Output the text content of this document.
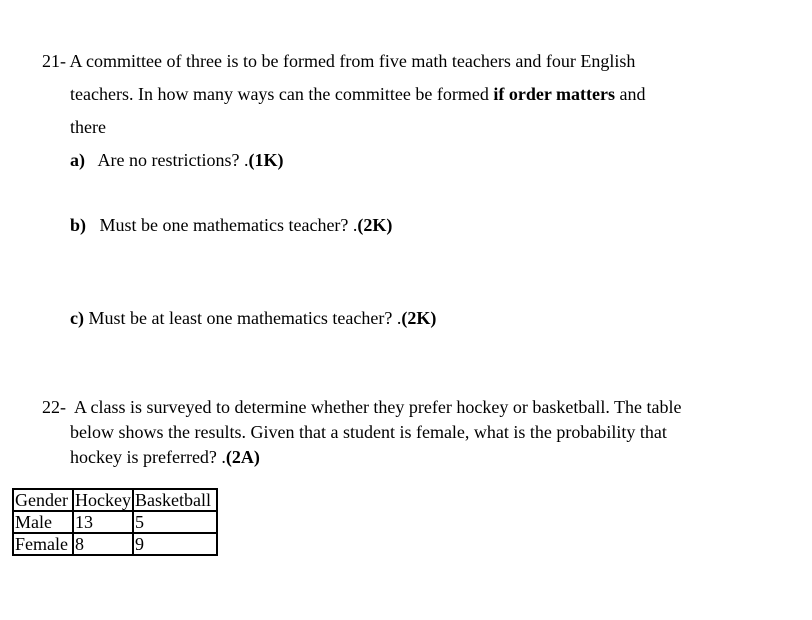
21- A committee of three is to be formed from five math teachers and four English
teachers. In how many ways can the committee be formed if order matters and
there
a) Are no restrictions? .(1K)
b) Must be one mathematics teacher? .(2K)
c) Must be at least one mathematics teacher? .(2K)
22- A class is surveyed to determine whether they prefer hockey or basketball. The table
below shows the results. Given that a student is female, what is the probability that
hockey is preferred? .(2A)
Gender	Hockey	Basketball
Male	13	5
Female	8	9
